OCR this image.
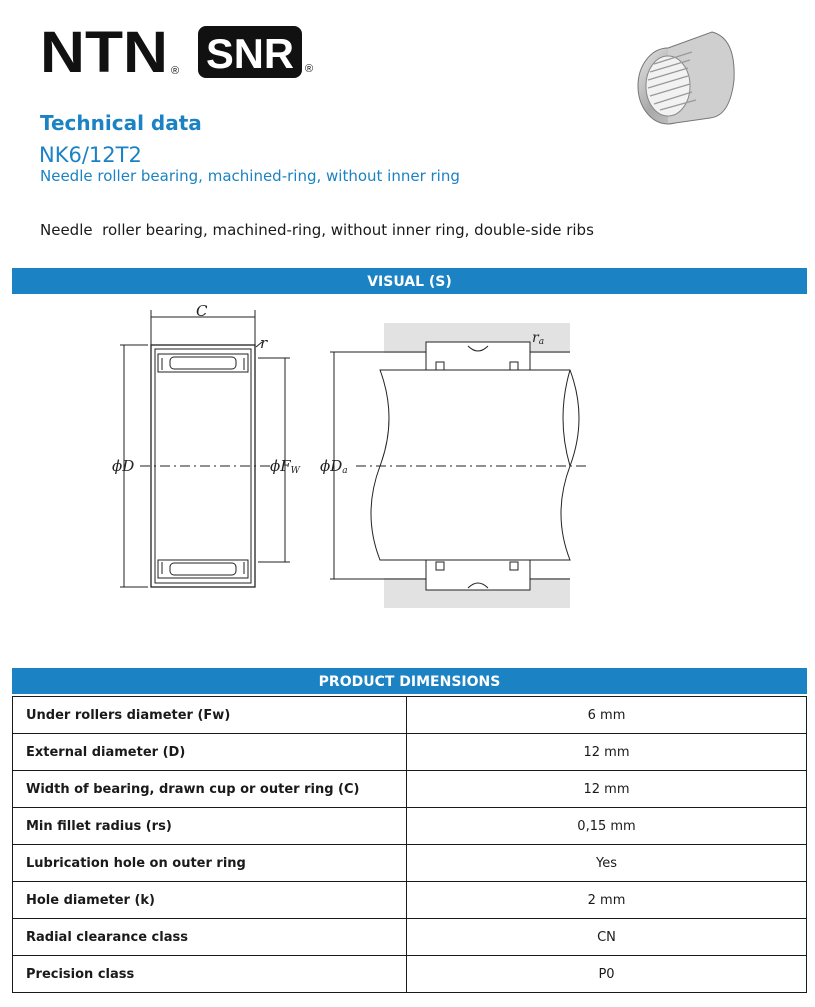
NTN ® SNR ®
Technical data
NK6/12T2
Needle roller bearing, machined-ring, without inner ring
Needle  roller bearing, machined-ring, without inner ring, double-side ribs
VISUAL (S)
C
r
ϕD	ϕFW ϕDa
ra
PRODUCT DIMENSIONS
Under rollers diameter (Fw)	6 mm
External diameter (D)	12 mm
Width of bearing, drawn cup or outer ring (C)	12 mm
Min fillet radius (rs)	0,15 mm
Lubrication hole on outer ring	Yes
Hole diameter (k)	2 mm
Radial clearance class	CN
Precision class	P0
